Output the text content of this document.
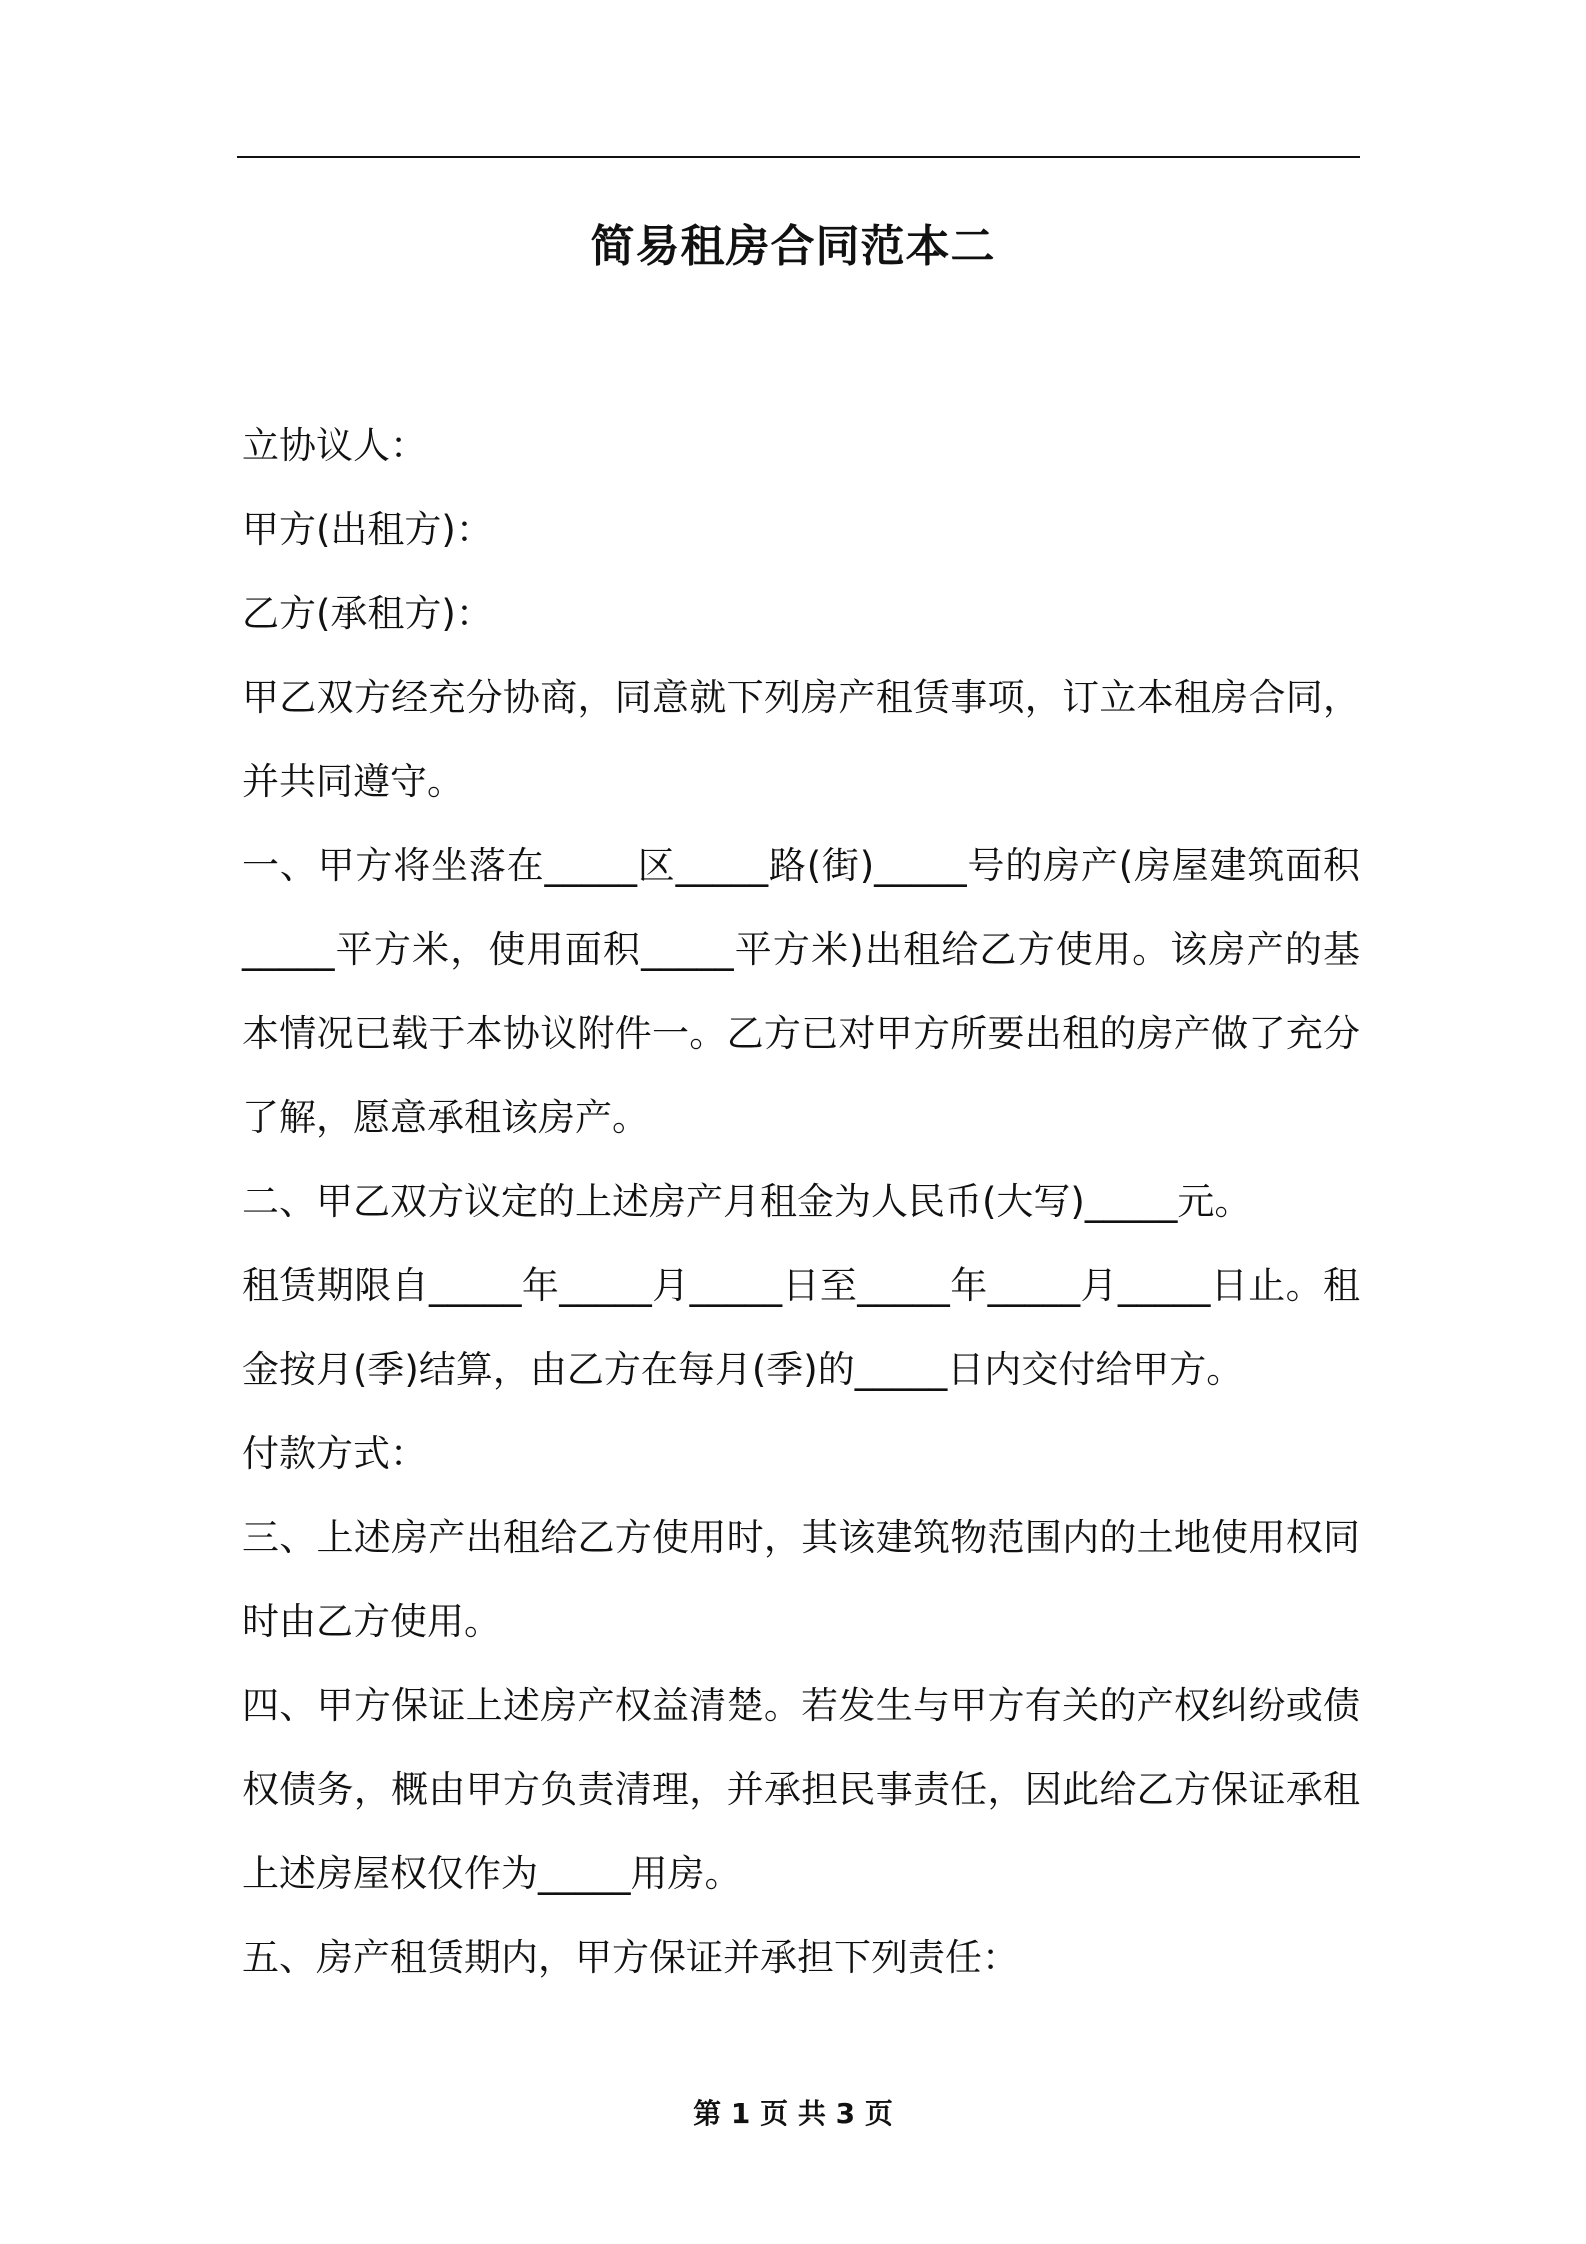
简易租房合同范本二

立协议人：

甲方(出租方)：

乙方(承租方)：

甲乙双方经充分协商，同意就下列房产租赁事项，订立本租房合同，并共同遵守。

一、甲方将坐落在_____区_____路(街)_____号的房产(房屋建筑面积_____平方米，使用面积_____平方米)出租给乙方使用。该房产的基本情况已载于本协议附件一。乙方已对甲方所要出租的房产做了充分了解，愿意承租该房产。

二、甲乙双方议定的上述房产月租金为人民币(大写)_____元。

租赁期限自_____年_____月_____日至_____年_____月_____日止。租金按月(季)结算，由乙方在每月(季)的_____日内交付给甲方。

付款方式：

三、上述房产出租给乙方使用时，其该建筑物范围内的土地使用权同时由乙方使用。

四、甲方保证上述房产权益清楚。若发生与甲方有关的产权纠纷或债权债务，概由甲方负责清理，并承担民事责任，因此给乙方保证承租上述房屋权仅作为_____用房。

五、房产租赁期内，甲方保证并承担下列责任：

第 1 页 共 3 页
